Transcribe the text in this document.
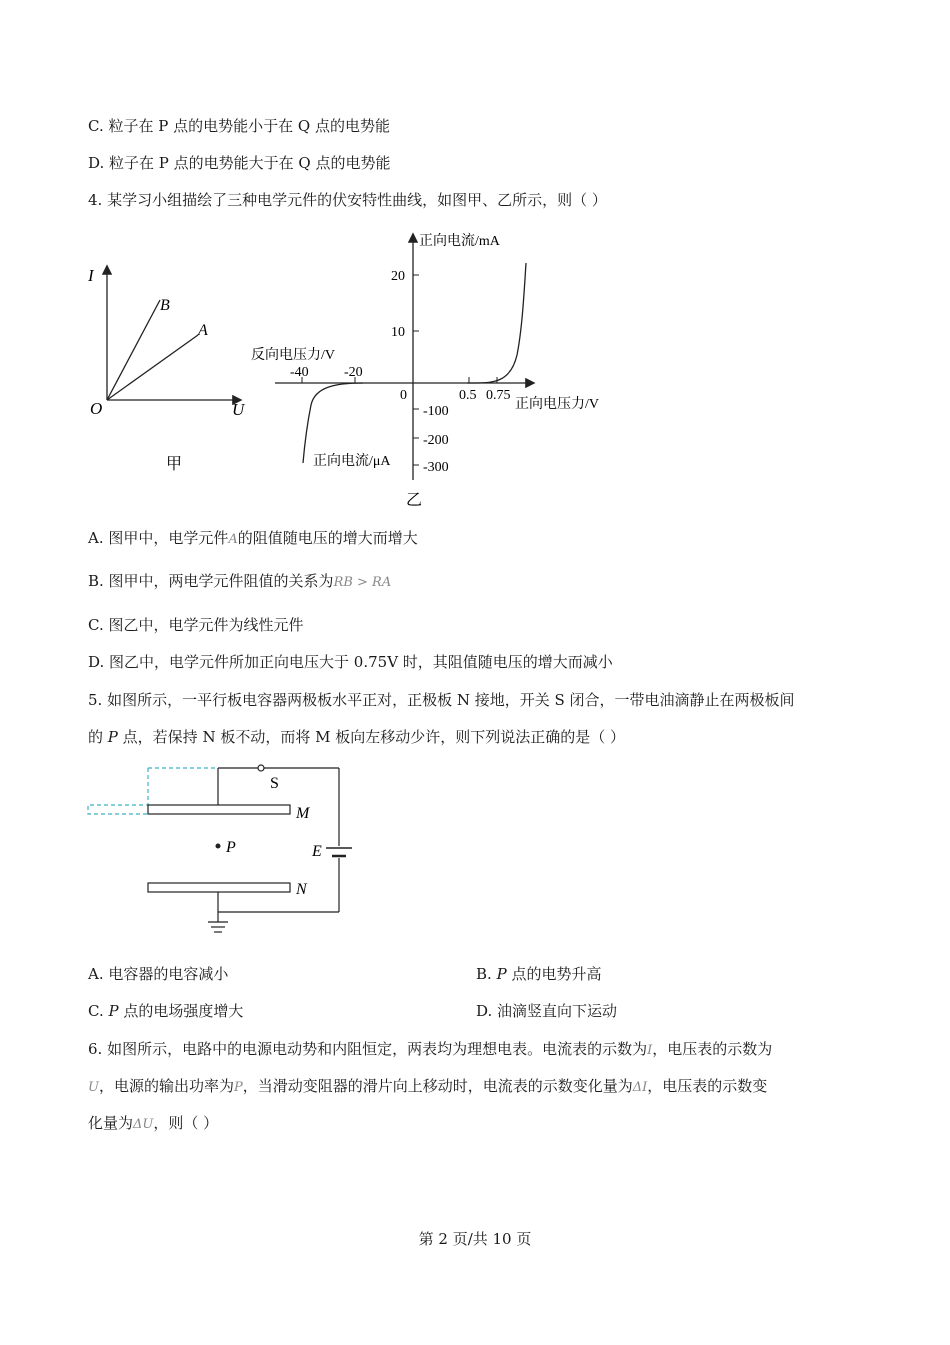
C. 粒子在 P 点的电势能小于在 Q 点的电势能
D. 粒子在 P 点的电势能大于在 Q 点的电势能
4. 某学习小组描绘了三种电学元件的伏安特性曲线，如图甲、乙所示，则（ ）
I
U
O
B
A
甲
正向电流/mA
20
10
反向电压力/V
-40	-20
0	0.5 0.75
正向电压力/V
-100
-200
-300
正向电流/μA
乙
A. 图甲中，电学元件A的阻值随电压的增大而增大
B. 图甲中，两电学元件阻值的关系为RB > RA
C. 图乙中，电学元件为线性元件
D. 图乙中，电学元件所加正向电压大于 0.75V 时，其阻值随电压的增大而减小
5. 如图所示，一平行板电容器两极板水平正对，正极板 N 接地，开关 S 闭合，一带电油滴静止在两极板间
的 P 点，若保持 N 板不动，而将 M 板向左移动少许，则下列说法正确的是（ ）
S
M
P	E
N
A. 电容器的电容减小	B. P 点的电势升高
C. P 点的电场强度增大	D. 油滴竖直向下运动
6. 如图所示，电路中的电源电动势和内阻恒定，两表均为理想电表。电流表的示数为I，电压表的示数为
U，电源的输出功率为P，当滑动变阻器的滑片向上移动时，电流表的示数变化量为ΔI，电压表的示数变
化量为ΔU，则（ ）
第 2 页/共 10 页
